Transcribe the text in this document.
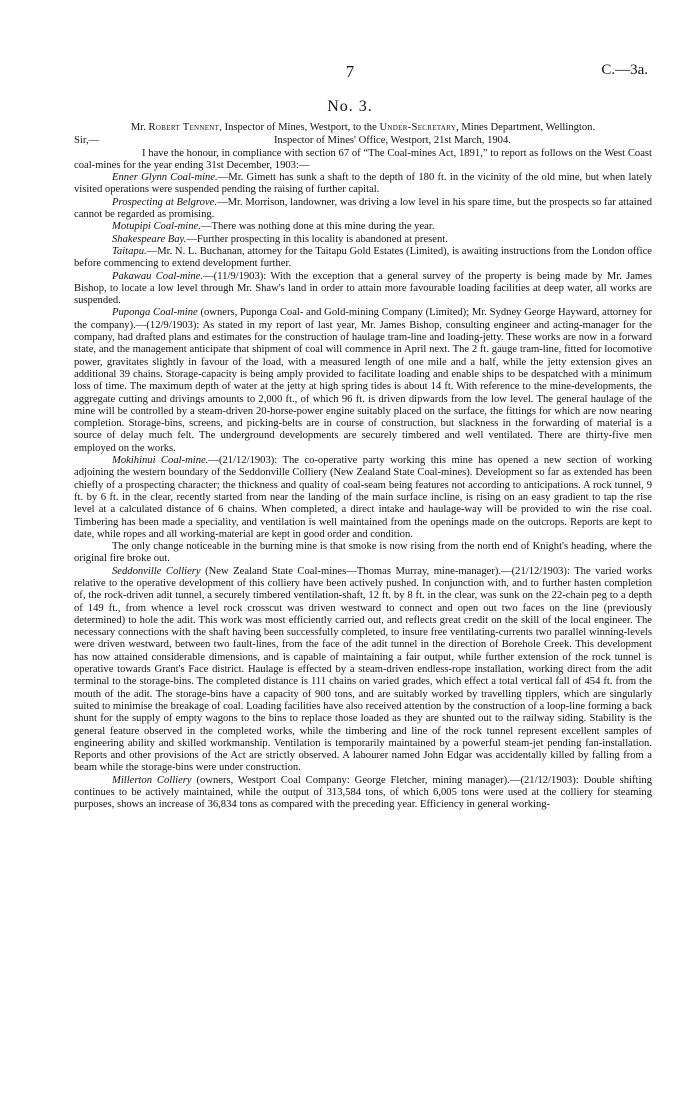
7	C.—3a.
No. 3.

Mr. Robert Tennent, Inspector of Mines, Westport, to the Under-Secretary, Mines Department, Wellington.

Sir,—	Inspector of Mines' Office, Westport, 21st March, 1904.

I have the honour, in compliance with section 67 of “The Coal-mines Act, 1891,” to report as follows on the West Coast coal-mines for the year ending 31st December, 1903:—

Enner Glynn Coal-mine.—Mr. Gimett has sunk a shaft to the depth of 180 ft. in the vicinity of the old mine, but when lately visited operations were suspended pending the raising of further capital.

Prospecting at Belgrove.—Mr. Morrison, landowner, was driving a low level in his spare time, but the prospects so far attained cannot be regarded as promising.

Motupipi Coal-mine.—There was nothing done at this mine during the year.

Shakespeare Bay.—Further prospecting in this locality is abandoned at present.

Taitapu.—Mr. N. L. Buchanan, attorney for the Taitapu Gold Estates (Limited), is awaiting instructions from the London office before commencing to extend development further.

Pakawau Coal-mine.—(11/9/1903): With the exception that a general survey of the property is being made by Mr. James Bishop, to locate a low level through Mr. Shaw's land in order to attain more favourable loading facilities at deep water, all works are suspended.

Puponga Coal-mine (owners, Puponga Coal- and Gold-mining Company (Limited); Mr. Sydney George Hayward, attorney for the company).—(12/9/1903): As stated in my report of last year, Mr. James Bishop, consulting engineer and acting-manager for the company, had drafted plans and estimates for the construction of haulage tram-line and loading-jetty. These works are now in a forward state, and the management anticipate that shipment of coal will commence in April next. The 2 ft. gauge tram-line, fitted for locomotive power, gravitates slightly in favour of the load, with a measured length of one mile and a half, while the jetty extension gives an additional 39 chains. Storage-capacity is being amply provided to facilitate loading and enable ships to be despatched with a minimum loss of time. The maximum depth of water at the jetty at high spring tides is about 14 ft. With reference to the mine-developments, the aggregate cutting and drivings amounts to 2,000 ft., of which 96 ft. is driven dipwards from the low level. The general haulage of the mine will be controlled by a steam-driven 20-horse-power engine suitably placed on the surface, the fittings for which are now nearing completion. Storage-bins, screens, and picking-belts are in course of construction, but slackness in the forwarding of material is a source of delay much felt. The underground developments are securely timbered and well ventilated. There are thirty-five men employed on the works.

Mokihinui Coal-mine.—(21/12/1903): The co-operative party working this mine has opened a new section of working adjoining the western boundary of the Seddonville Colliery (New Zealand State Coal-mines). Development so far as extended has been chiefly of a prospecting character; the thickness and quality of coal-seam being features not according to anticipations. A rock tunnel, 9 ft. by 6 ft. in the clear, recently started from near the landing of the main surface incline, is rising on an easy gradient to tap the rise level at a calculated distance of 6 chains. When completed, a direct intake and haulage-way will be provided to win the rise coal. Timbering has been made a speciality, and ventilation is well maintained from the openings made on the outcrops. Reports are kept to date, while ropes and all working-material are kept in good order and condition.

The only change noticeable in the burning mine is that smoke is now rising from the north end of Knight's heading, where the original fire broke out.

Seddonville Colliery (New Zealand State Coal-mines—Thomas Murray, mine-manager).—(21/12/1903): The varied works relative to the operative development of this colliery have been actively pushed. In conjunction with, and to further hasten completion of, the rock-driven adit tunnel, a securely timbered ventilation-shaft, 12 ft. by 8 ft. in the clear, was sunk on the 22-chain peg to a depth of 149 ft., from whence a level rock crosscut was driven westward to connect and open out two faces on the line (previously determined) to hole the adit. This work was most efficiently carried out, and reflects great credit on the skill of the local engineer. The necessary connections with the shaft having been successfully completed, to insure free ventilating-currents two parallel winning-levels were driven westward, between two fault-lines, from the face of the adit tunnel in the direction of Borehole Creek. This development has now attained considerable dimensions, and is capable of maintaining a fair output, while further extension of the rock tunnel is operative towards Grant's Face district. Haulage is effected by a steam-driven endless-rope installation, working direct from the adit terminal to the storage-bins. The completed distance is 111 chains on varied grades, which effect a total vertical fall of 454 ft. from the mouth of the adit. The storage-bins have a capacity of 900 tons, and are suitably worked by travelling tipplers, which are singularly suited to minimise the breakage of coal. Loading facilities have also received attention by the construction of a loop-line forming a back shunt for the supply of empty wagons to the bins to replace those loaded as they are shunted out to the railway siding. Stability is the general feature observed in the completed works, while the timbering and line of the rock tunnel represent excellent samples of engineering ability and skilled workmanship. Ventilation is temporarily maintained by a powerful steam-jet pending fan-installation. Reports and other provisions of the Act are strictly observed. A labourer named John Edgar was accidentally killed by falling from a beam while the storage-bins were under construction.

Millerton Colliery (owners, Westport Coal Company: George Fletcher, mining manager).—(21/12/1903): Double shifting continues to be actively maintained, while the output of 313,584 tons, of which 6,005 tons were used at the colliery for steaming purposes, shows an increase of 36,834 tons as compared with the preceding year. Efficiency in general working-
